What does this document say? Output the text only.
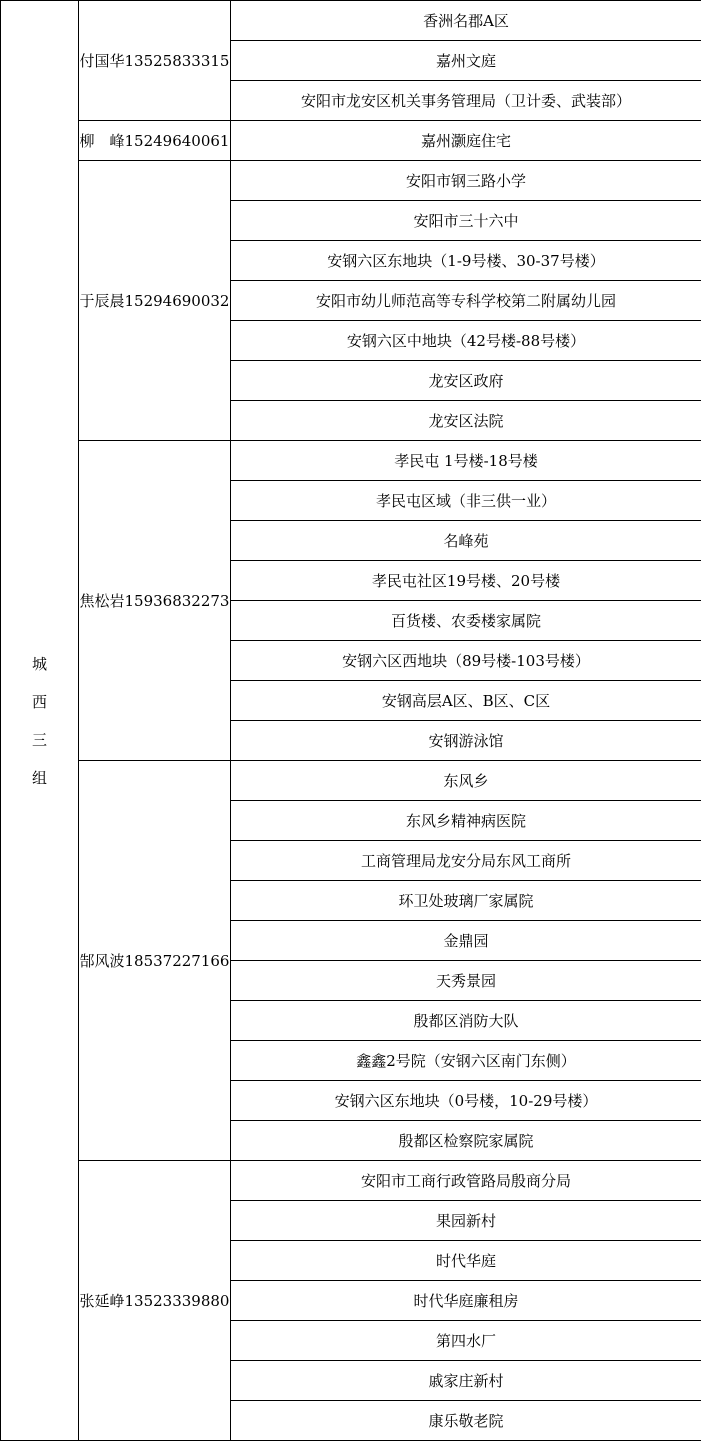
城
西
三
组	付国华13525833315	香洲名郡A区
		嘉州文庭
		安阳市龙安区机关事务管理局（卫计委、武装部）
	柳　峰15249640061	嘉州灏庭住宅
	于辰晨15294690032	安阳市钢三路小学
		安阳市三十六中
		安钢六区东地块（1-9号楼、30-37号楼）
		安阳市幼儿师范高等专科学校第二附属幼儿园
		安钢六区中地块（42号楼-88号楼）
		龙安区政府
		龙安区法院
	焦松岩15936832273	孝民屯 1号楼-18号楼
		孝民屯区域（非三供一业）
		名峰苑
		孝民屯社区19号楼、20号楼
		百货楼、农委楼家属院
		安钢六区西地块（89号楼-103号楼）
		安钢高层A区、B区、C区
		安钢游泳馆
	郜风波18537227166	东风乡
		东风乡精神病医院
		工商管理局龙安分局东风工商所
		环卫处玻璃厂家属院
		金鼎园
		天秀景园
		殷都区消防大队
		鑫鑫2号院（安钢六区南门东侧）
		安钢六区东地块（0号楼，10-29号楼）
		殷都区检察院家属院
	张延峥13523339880	安阳市工商行政管路局殷商分局
		果园新村
		时代华庭
		时代华庭廉租房
		第四水厂
		戚家庄新村
		康乐敬老院
